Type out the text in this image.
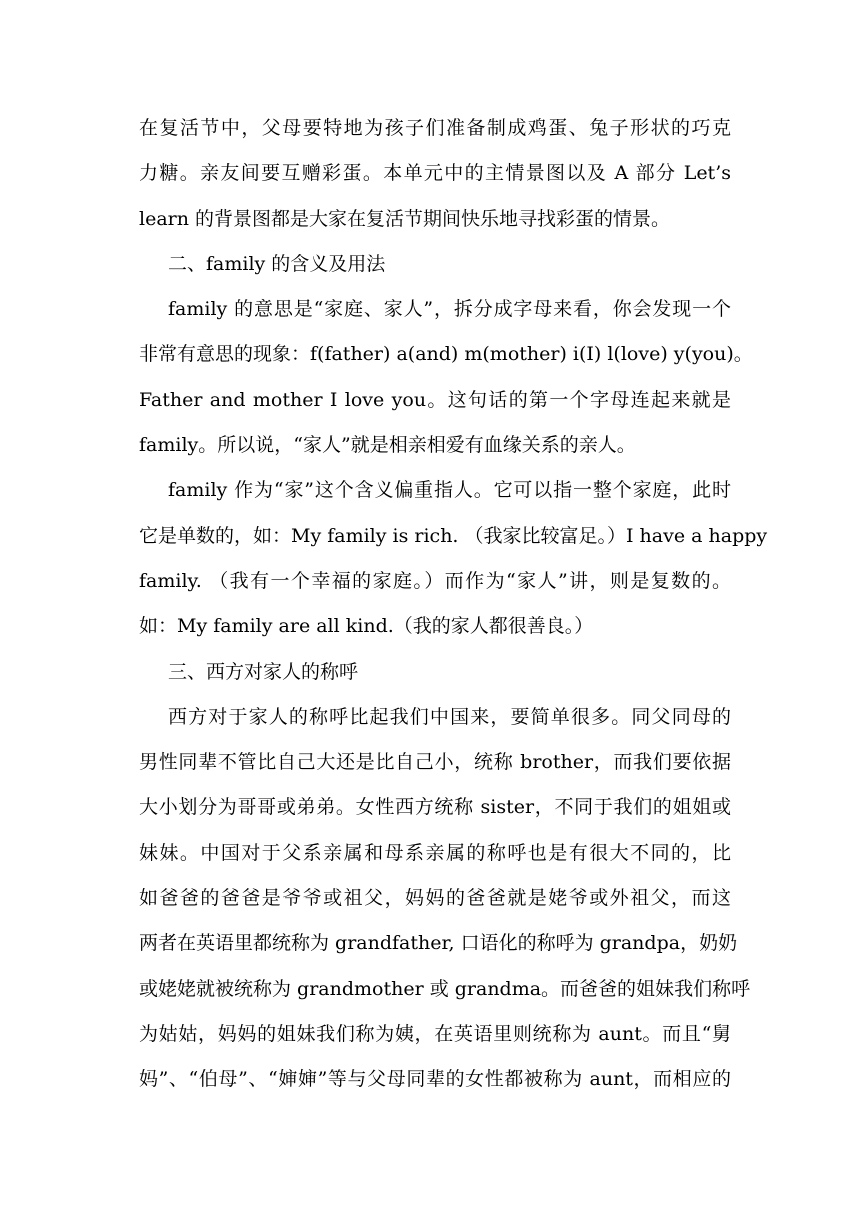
在复活节中，父母要特地为孩子们准备制成鸡蛋、兔子形状的巧克
力糖。亲友间要互赠彩蛋。本单元中的主情景图以及 A 部分 Let’s
learn 的背景图都是大家在复活节期间快乐地寻找彩蛋的情景。
二、family 的含义及用法
family 的意思是“家庭、家人”，拆分成字母来看，你会发现一个
非常有意思的现象：f(father) a(and) m(mother) i(I) l(love) y(you)。
Father and mother I love you。这句话的第一个字母连起来就是
family。所以说，“家人”就是相亲相爱有血缘关系的亲人。
family 作为“家”这个含义偏重指人。它可以指一整个家庭，此时
它是单数的，如：My family is rich. （我家比较富足。）I have a happy
family. （我有一个幸福的家庭。）而作为“家人”讲，则是复数的。
如：My family are all kind.（我的家人都很善良。）
三、西方对家人的称呼
西方对于家人的称呼比起我们中国来，要简单很多。同父同母的
男性同辈不管比自己大还是比自己小，统称 brother，而我们要依据
大小划分为哥哥或弟弟。女性西方统称 sister，不同于我们的姐姐或
妹妹。中国对于父系亲属和母系亲属的称呼也是有很大不同的，比
如爸爸的爸爸是爷爷或祖父，妈妈的爸爸就是姥爷或外祖父，而这
两者在英语里都统称为 grandfather, 口语化的称呼为 grandpa，奶奶
或姥姥就被统称为 grandmother 或 grandma。而爸爸的姐妹我们称呼
为姑姑，妈妈的姐妹我们称为姨，在英语里则统称为 aunt。而且“舅
妈”、“伯母”、“婶婶”等与父母同辈的女性都被称为 aunt，而相应的
